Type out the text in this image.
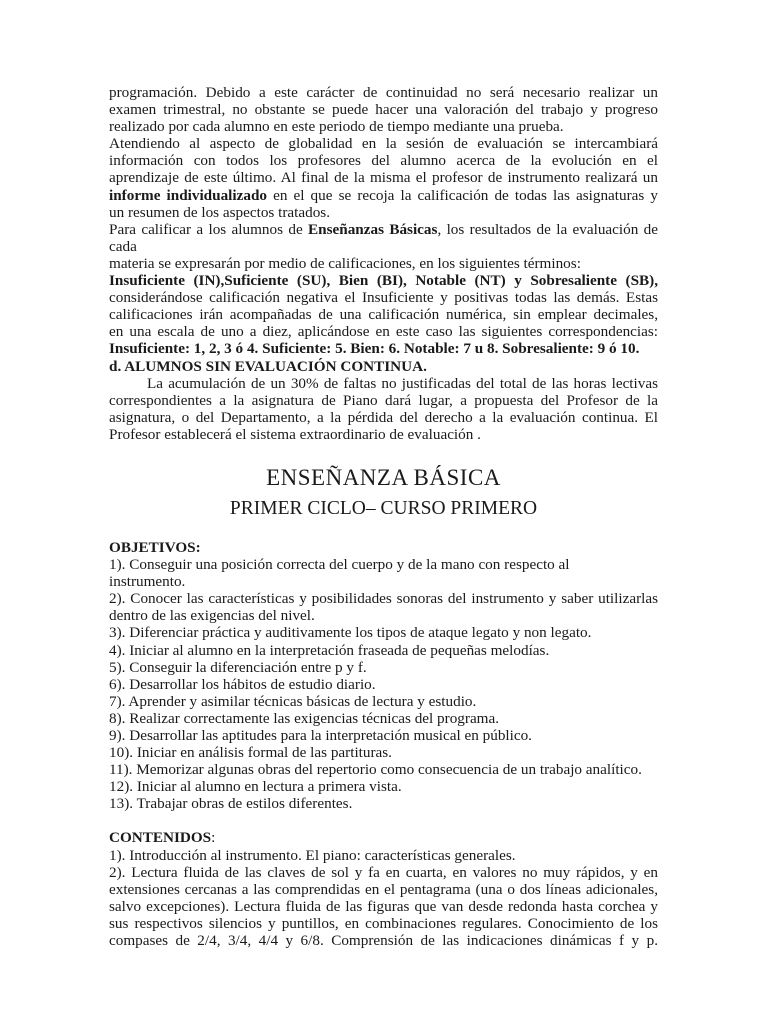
programación. Debido a este carácter de continuidad no será necesario realizar un

examen trimestral, no obstante se puede hacer una valoración del trabajo y progreso

realizado por cada alumno en este periodo de tiempo mediante una prueba.

Atendiendo al aspecto de globalidad en la sesión de evaluación se intercambiará

información con todos los profesores del alumno acerca de la evolución en el

aprendizaje de este último. Al final de la misma el profesor de instrumento realizará un

informe individualizado en el que se recoja la calificación de todas las asignaturas y

un resumen de los aspectos tratados.

Para calificar a los alumnos de Enseñanzas Básicas, los resultados de la evaluación de

cada

materia se expresarán por medio de calificaciones, en los siguientes términos:

Insuficiente (IN),Suficiente (SU), Bien (BI), Notable (NT) y Sobresaliente (SB),

considerándose calificación negativa el Insuficiente y positivas todas las demás. Estas

calificaciones irán acompañadas de una calificación numérica, sin emplear decimales,

en una escala de uno a diez, aplicándose en este caso las siguientes correspondencias:

Insuficiente: 1, 2, 3 ó 4. Suficiente: 5. Bien: 6. Notable: 7 u 8. Sobresaliente: 9 ó 10.

d. ALUMNOS SIN EVALUACIÓN CONTINUA.

La acumulación de un 30% de faltas no justificadas del total de las horas lectivas

correspondientes a la asignatura de Piano dará lugar, a propuesta del Profesor de la

asignatura, o del Departamento, a la pérdida del derecho a la evaluación continua. El

Profesor establecerá el sistema extraordinario de evaluación .

ENSEÑANZA BÁSICA
PRIMER CICLO– CURSO PRIMERO

OBJETIVOS:

1). Conseguir una posición correcta del cuerpo y de la mano con respecto al

instrumento.

2). Conocer las características y posibilidades sonoras del instrumento y saber utilizarlas

dentro de las exigencias del nivel.

3). Diferenciar práctica y auditivamente los tipos de ataque legato y non legato.

4). Iniciar al alumno en la interpretación fraseada de pequeñas melodías.

5). Conseguir la diferenciación entre p y f.

6). Desarrollar los hábitos de estudio diario.

7). Aprender y asimilar técnicas básicas de lectura y estudio.

8). Realizar correctamente las exigencias técnicas del programa.

9). Desarrollar las aptitudes para la interpretación musical en público.

10). Iniciar en análisis formal de las partituras.

11). Memorizar algunas obras del repertorio como consecuencia de un trabajo analítico.

12). Iniciar al alumno en lectura a primera vista.

13). Trabajar obras de estilos diferentes.

CONTENIDOS:

1). Introducción al instrumento. El piano: características generales.

2). Lectura fluida de las claves de sol y fa en cuarta, en valores no muy rápidos, y en

extensiones cercanas a las comprendidas en el pentagrama (una o dos líneas adicionales,

salvo excepciones). Lectura fluida de las figuras que van desde redonda hasta corchea y

sus respectivos silencios y puntillos, en combinaciones regulares. Conocimiento de los

compases de 2/4, 3/4, 4/4 y 6/8. Comprensión de las indicaciones dinámicas f y p.
